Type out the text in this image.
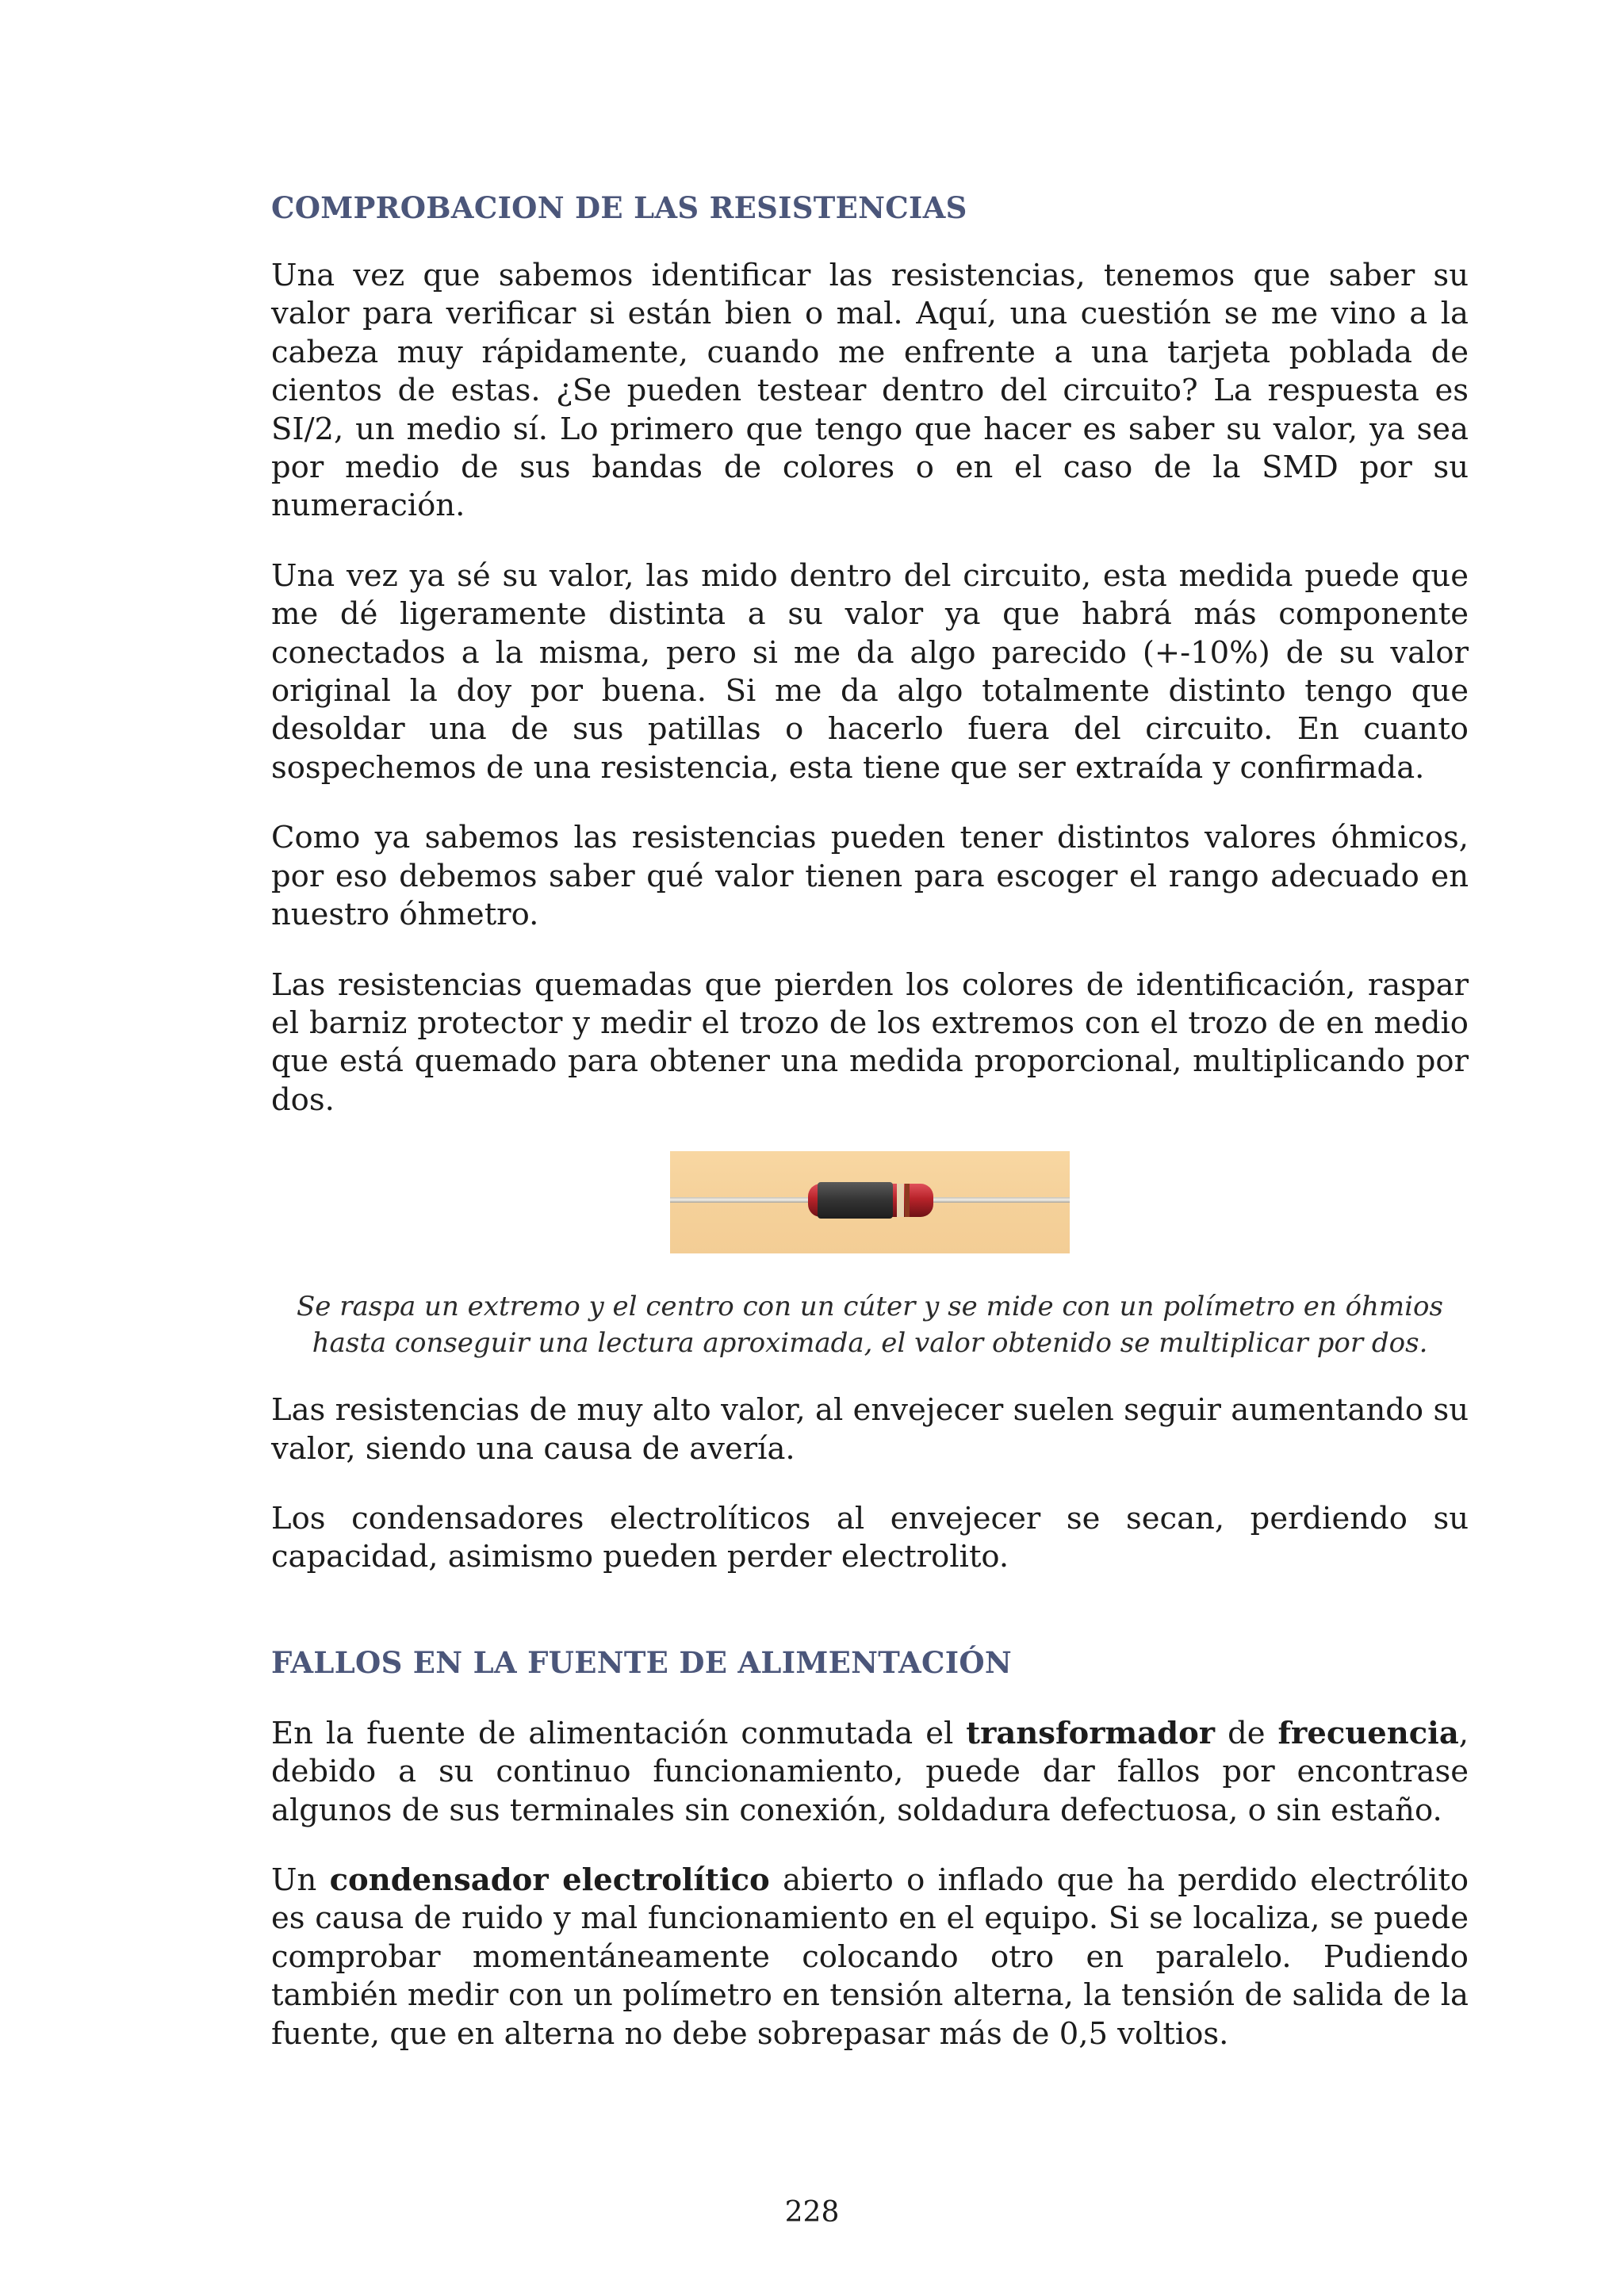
COMPROBACION DE LAS RESISTENCIAS

Una vez que sabemos identificar las resistencias, tenemos que saber su valor para verificar si están bien o mal. Aquí, una cuestión se me vino a la cabeza muy rápidamente, cuando me enfrente a una tarjeta poblada de cientos de estas. ¿Se pueden testear dentro del circuito? La respuesta es SI/2, un medio sí. Lo primero que tengo que hacer es saber su valor, ya sea por medio de sus bandas de colores o en el caso de la SMD por su numeración.

Una vez ya sé su valor, las mido dentro del circuito, esta medida puede que me dé ligeramente distinta a su valor ya que habrá más componente conectados a la misma, pero si me da algo parecido (+-10%) de su valor original la doy por buena. Si me da algo totalmente distinto tengo que desoldar una de sus patillas o hacerlo fuera del circuito. En cuanto sospechemos de una resistencia, esta tiene que ser extraída y confirmada.

Como ya sabemos las resistencias pueden tener distintos valores óhmicos, por eso debemos saber qué valor tienen para escoger el rango adecuado en nuestro óhmetro.

Las resistencias quemadas que pierden los colores de identificación, raspar el barniz protector y medir el trozo de los extremos con el trozo de en medio que está quemado para obtener una medida proporcional, multiplicando por dos.

Se raspa un extremo y el centro con un cúter y se mide con un polímetro en óhmios
hasta conseguir una lectura aproximada, el valor obtenido se multiplicar por dos.

Las resistencias de muy alto valor, al envejecer suelen seguir aumentando su valor, siendo una causa de avería.

Los condensadores electrolíticos al envejecer se secan, perdiendo su capacidad, asimismo pueden perder electrolito.

FALLOS EN LA FUENTE DE ALIMENTACIÓN

En la fuente de alimentación conmutada el transformador de frecuencia, debido a su continuo funcionamiento, puede dar fallos por encontrase algunos de sus terminales sin conexión, soldadura defectuosa, o sin estaño.

Un condensador electrolítico abierto o inflado que ha perdido electrólito es causa de ruido y mal funcionamiento en el equipo. Si se localiza, se puede comprobar momentáneamente colocando otro en paralelo. Pudiendo también medir con un polímetro en tensión alterna, la tensión de salida de la fuente, que en alterna no debe sobrepasar más de 0,5 voltios.

228
